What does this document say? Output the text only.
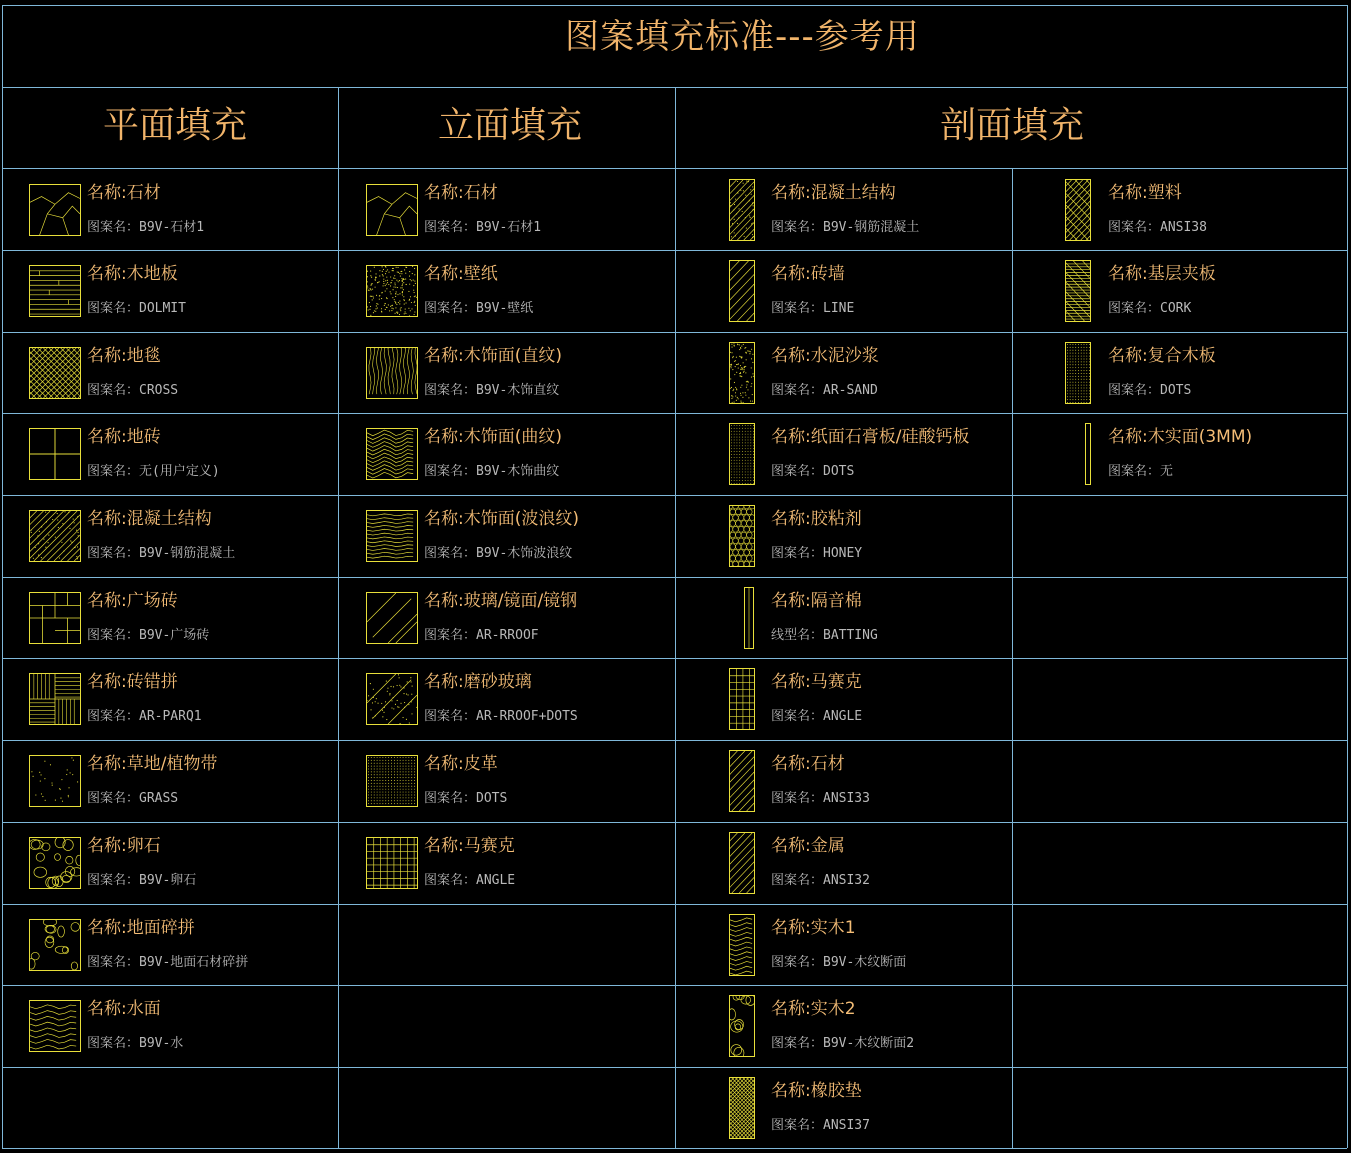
图案填充标准---参考用
平面填充	立面填充	剖面填充
名称:石材
图案名：B9V-石材1
名称:木地板
图案名：DOLMIT
名称:地毯
图案名：CROSS
名称:地砖
图案名：无(用户定义)
名称:混凝土结构
图案名：B9V-钢筋混凝土
名称:广场砖
图案名：B9V-广场砖
名称:砖错拼
图案名：AR-PARQ1
名称:草地/植物带
图案名：GRASS
名称:卵石
图案名：B9V-卵石
名称:地面碎拼
图案名：B9V-地面石材碎拼
名称:水面
图案名：B9V-水
名称:石材
图案名：B9V-石材1
名称:壁纸
图案名：B9V-壁纸
名称:木饰面(直纹)
图案名：B9V-木饰直纹
名称:木饰面(曲纹)
图案名：B9V-木饰曲纹
名称:木饰面(波浪纹)
图案名：B9V-木饰波浪纹
名称:玻璃/镜面/镜钢
图案名：AR-RROOF
名称:磨砂玻璃
图案名：AR-RROOF+DOTS
名称:皮革
图案名：DOTS
名称:马赛克
图案名：ANGLE
名称:混凝土结构
图案名：B9V-钢筋混凝土
名称:砖墙
图案名：LINE
名称:水泥沙浆
图案名：AR-SAND
名称:纸面石膏板/硅酸钙板
图案名：DOTS
名称:胶粘剂
图案名：HONEY
名称:隔音棉
线型名：BATTING
名称:马赛克
图案名：ANGLE
名称:石材
图案名：ANSI33
名称:金属
图案名：ANSI32
名称:实木1
图案名：B9V-木纹断面
名称:实木2
图案名：B9V-木纹断面2
名称:橡胶垫
图案名：ANSI37
名称:塑料
图案名：ANSI38
名称:基层夹板
图案名：CORK
名称:复合木板
图案名：DOTS
名称:木实面(3MM)
图案名：无
